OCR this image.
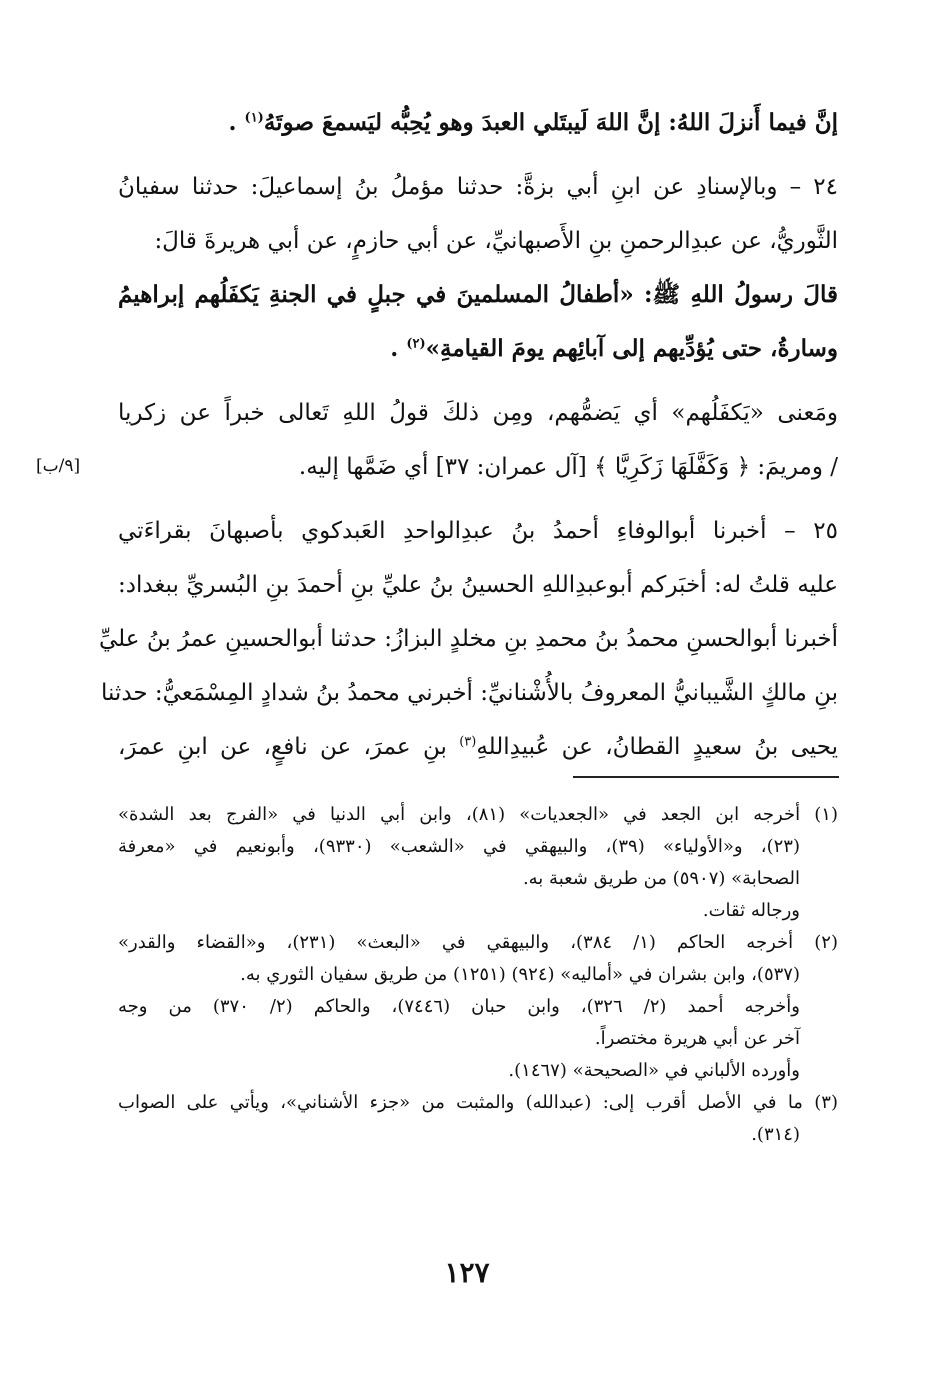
إنَّ فيما أَنزلَ اللهُ: إنَّ اللهَ لَيبتَلي العبدَ وهو يُحِبُّه ليَسمعَ صوتَهُ$^{(١)}$ .
٢٤ – وبالإسنادِ عن ابنِ أبي بزةَّ: حدثنا مؤملُ بنُ إسماعيلَ: حدثنا سفيانُ
الثَّوريُّ، عن عبدِالرحمنِ بنِ الأَصبهانيِّ، عن أبي حازمٍ، عن أبي هريرةَ قالَ:
قالَ رسولُ اللهِ ﷺ: «أطفالُ المسلمينَ في جبلٍ في الجنةِ يَكفَلُهم إبراهيمُ
وسارةُ، حتى يُؤدِّيهم إلى آبائِهم يومَ القيامةِ»$^{(٢)}$ .
ومَعنى «يَكفَلُهم» أي يَضمُّهم، ومِن ذلكَ قولُ اللهِ تَعالى خبراً عن زكريا
/ ومريمَ: ﴿ وَكَفَّلَهَا زَكَرِيَّا ﴾ [آل عمران: ٣٧] أي ضَمَّها إليه.
٢٥ – أخبرنا أبوالوفاءِ أحمدُ بنُ عبدِالواحدِ العَبدكوي بأصبهانَ بقراءَتي
عليه قلتُ له: أخبَركم أبوعبدِاللهِ الحسينُ بنُ عليِّ بنِ أحمدَ بنِ البُسريِّ ببغداد:
أخبرنا أبوالحسنِ محمدُ بنُ محمدِ بنِ مخلدٍ البزازُ: حدثنا أبوالحسينِ عمرُ بنُ عليِّ
بنِ مالكٍ الشَّيبانيُّ المعروفُ بالأُشْنانيِّ: أخبرني محمدُ بنُ شدادٍ المِسْمَعيُّ: حدثنا
يحيى بنُ سعيدٍ القطانُ، عن عُبيدِاللهِ$^{(٣)}$ بنِ عمرَ، عن نافعٍ، عن ابنِ عمرَ،
[٩/ب]
(١) أخرجه ابن الجعد في «الجعديات» (٨١)، وابن أبي الدنيا في «الفرج بعد الشدة»
(٢٣)، و«الأولياء» (٣٩)، والبيهقي في «الشعب» (٩٣٣٠)، وأبونعيم في «معرفة
الصحابة» (٥٩٠٧) من طريق شعبة به.
ورجاله ثقات.
(٢) أخرجه الحاكم (١/ ٣٨٤)، والبيهقي في «البعث» (٢٣١)، و«القضاء والقدر»
(٥٣٧)، وابن بشران في «أماليه» (٩٢٤) (١٢٥١) من طريق سفيان الثوري به.
وأخرجه أحمد (٢/ ٣٢٦)، وابن حبان (٧٤٤٦)، والحاكم (٢/ ٣٧٠) من وجه
آخر عن أبي هريرة مختصراً.
وأورده الألباني في «الصحيحة» (١٤٦٧).
(٣) ما في الأصل أقرب إلى: (عبدالله) والمثبت من «جزء الأشناني»، ويأتي على الصواب
(٣١٤).
١٢٧
